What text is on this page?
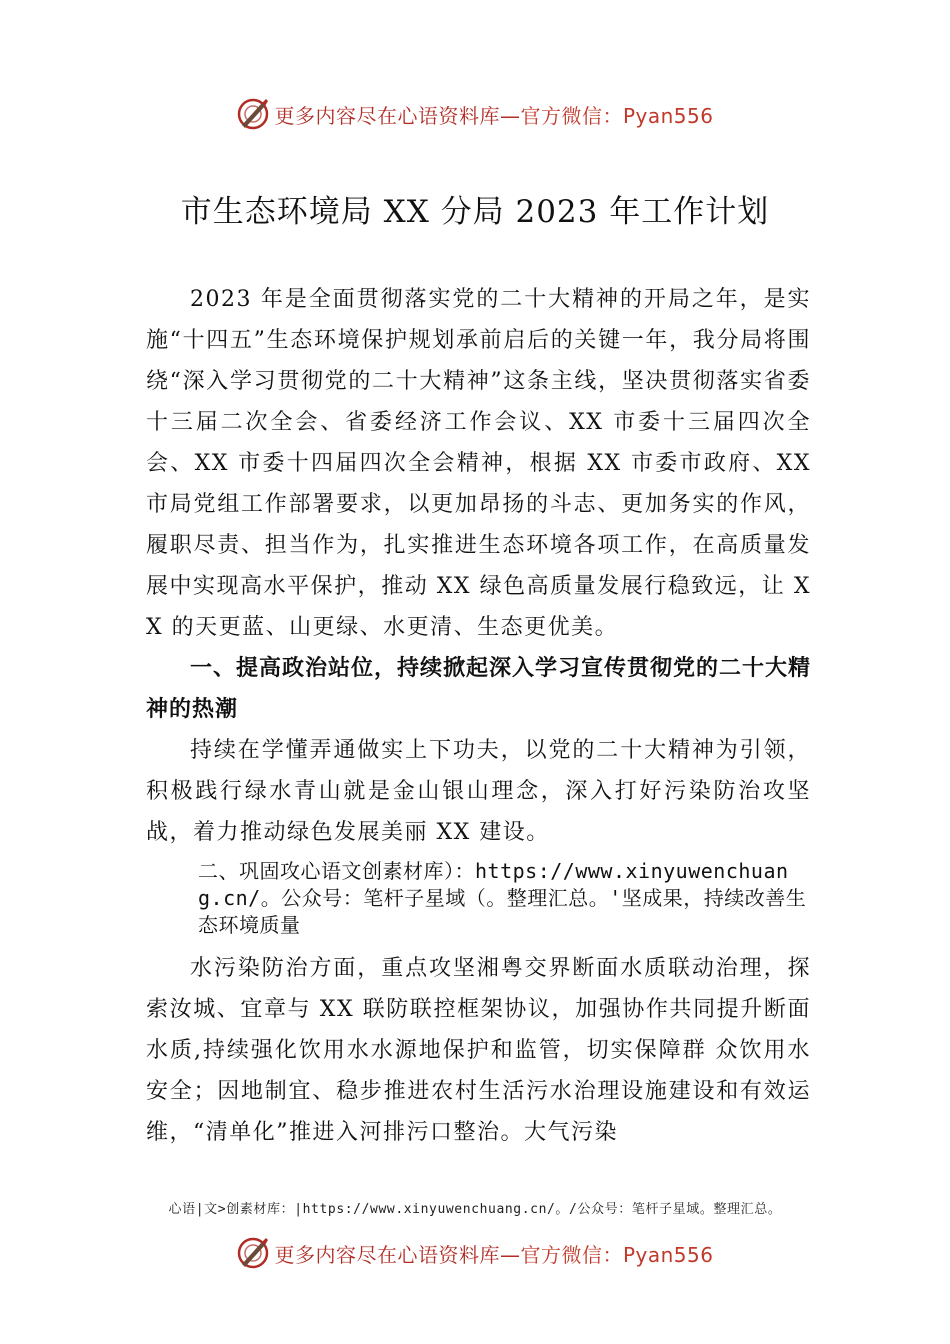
更多内容尽在心语资料库—官方微信：Pyan556
市生态环境局 XX 分局 2023 年工作计划

2023 年是全面贯彻落实党的二十大精神的开局之年，是实施“十四五”生态环境保护规划承前启后的关键一年，我分局将围绕“深入学习贯彻党的二十大精神”这条主线，坚决贯彻落实省委十三届二次全会、省委经济工作会议、XX 市委十三届四次全会、XX 市委十四届四次全会精神，根据 XX 市委市政府、XX 市局党组工作部署要求，以更加昂扬的斗志、更加务实的作风，履职尽责、担当作为，扎实推进生态环境各项工作，在高质量发展中实现高水平保护，推动 XX 绿色高质量发展行稳致远，让 XX 的天更蓝、山更绿、水更清、生态更优美。

一、提高政治站位，持续掀起深入学习宣传贯彻党的二十大精神的热潮

持续在学懂弄通做实上下功夫，以党的二十大精神为引领，积极践行绿水青山就是金山银山理念，深入打好污染防治攻坚战，着力推动绿色发展美丽 XX 建设。

二、巩固攻心语文创素材库）：https://www.xinyuwenchuang.cn/。公众号：笔杆子星域（。整理汇总。'坚成果，持续改善生态环境质量

水污染防治方面，重点攻坚湘粤交界断面水质联动治理，探索汝城、宜章与 XX 联防联控框架协议，加强协作共同提升断面水质,持续强化饮用水水源地保护和监管，切实保障群 众饮用水安全；因地制宜、稳步推进农村生活污水治理设施建设和有效运维，“清单化”推进入河排污口整治。大气污染

心语|文>创素材库：|https://www.xinyuwenchuang.cn/。/公众号：笔杆子星域。整理汇总。
更多内容尽在心语资料库—官方微信：Pyan556
